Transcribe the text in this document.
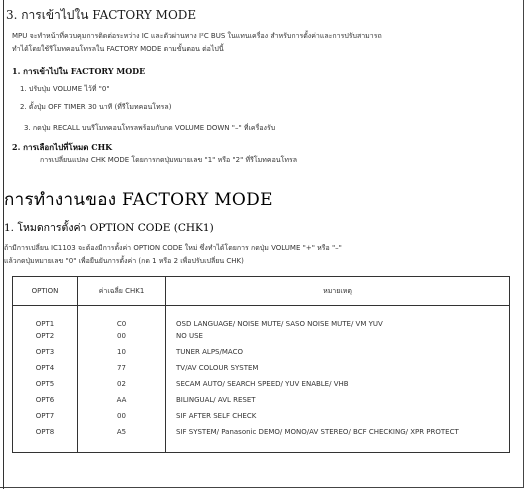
3. การเข้าไปใน FACTORY MODE
MPU จะทำหน้าที่ควบคุมการติดต่อระหว่าง IC และตัวผ่านทาง I²C BUS ในแทนเครื่อง สำหรับการตั้งค่าและการปรับสามารถ
ทำได้โดยใช้รีโมทคอนโทรลใน FACTORY MODE ตามขั้นตอน ต่อไปนี้
1. การเข้าไปใน FACTORY MODE
1. ปรับปุ่ม VOLUME ไว้ที่ "0"
2. ตั้งปุ่ม OFF TIMER 30 นาที (ที่รีโมทคอนโทรล)
3. กดปุ่ม RECALL บนรีโมทคอนโทรลพร้อมกับกด VOLUME DOWN "–" ที่เครื่องรับ
2. การเลือกไปที่โหมด CHK
การเปลี่ยนแปลง CHK MODE โดยการกดปุ่มหมายเลข "1" หรือ "2" ที่รีโมทคอนโทรล
การทำงานของ FACTORY MODE
1. โหมดการตั้งค่า OPTION CODE (CHK1)
ถ้ามีการเปลี่ยน IC1103 จะต้องมีการตั้งค่า OPTION CODE ใหม่ ซึ่งทำได้โดยการ กดปุ่ม VOLUME "+" หรือ "–"
แล้วกดปุ่มหมายเลข "0" เพื่อยืนยันการตั้งค่า (กด 1 หรือ 2 เพื่อปรับเปลี่ยน CHK)
OPTION	ค่าเฉลี่ย CHK1	หมายเหตุ
OPT1	C0	OSD LANGUAGE/ NOISE MUTE/ SASO NOISE MUTE/ VM YUV
OPT2	00	NO USE
OPT3	10	TUNER ALPS/MACO
OPT4	77	TV/AV COLOUR SYSTEM
OPT5	02	SECAM AUTO/ SEARCH SPEED/ YUV ENABLE/ VHB
OPT6	AA	BILINGUAL/ AVL RESET
OPT7	00	SIF AFTER SELF CHECK
OPT8	A5	SIF SYSTEM/ Panasonic DEMO/ MONO/AV STEREO/ BCF CHECKING/ XPR PROTECT
